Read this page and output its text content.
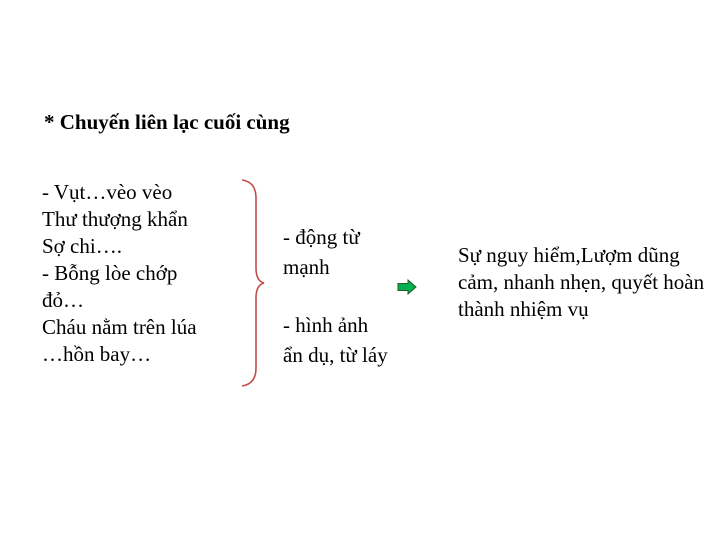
* Chuyến liên lạc cuối cùng
- Vụt…vèo vèo
Thư thượng khẩn
Sợ chi….
- Bỗng lòe chớp
đỏ…
Cháu nằm trên lúa
…hồn bay…
- động từ mạnh
- hình ảnh ẩn dụ, từ láy
Sự nguy hiểm,Lượm dũng cảm, nhanh nhẹn, quyết hoàn thành nhiệm vụ
